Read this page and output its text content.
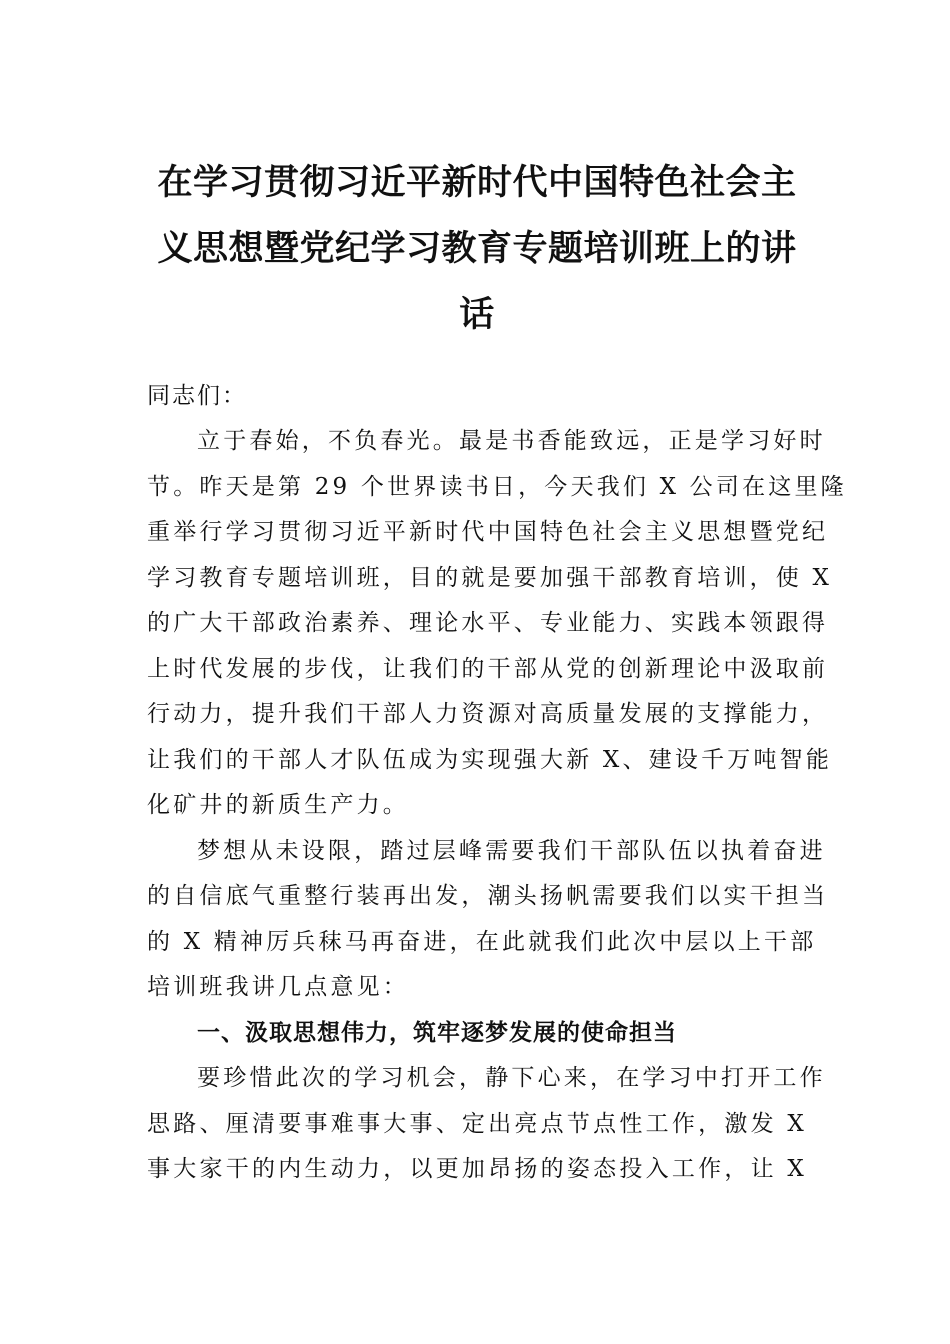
在学习贯彻习近平新时代中国特色社会主
义思想暨党纪学习教育专题培训班上的讲
话

同志们：

立于春始，不负春光。最是书香能致远，正是学习好时
节。昨天是第 29 个世界读书日，今天我们 X 公司在这里隆
重举行学习贯彻习近平新时代中国特色社会主义思想暨党纪
学习教育专题培训班，目的就是要加强干部教育培训，使 X
的广大干部政治素养、理论水平、专业能力、实践本领跟得
上时代发展的步伐，让我们的干部从党的创新理论中汲取前
行动力，提升我们干部人力资源对高质量发展的支撑能力，
让我们的干部人才队伍成为实现强大新 X、建设千万吨智能
化矿井的新质生产力。

梦想从未设限，踏过层峰需要我们干部队伍以执着奋进
的自信底气重整行装再出发，潮头扬帆需要我们以实干担当
的 X 精神厉兵秣马再奋进，在此就我们此次中层以上干部
培训班我讲几点意见：

一、汲取思想伟力，筑牢逐梦发展的使命担当

要珍惜此次的学习机会，静下心来，在学习中打开工作
思路、厘清要事难事大事、定出亮点节点性工作，激发 X
事大家干的内生动力，以更加昂扬的姿态投入工作，让 X
